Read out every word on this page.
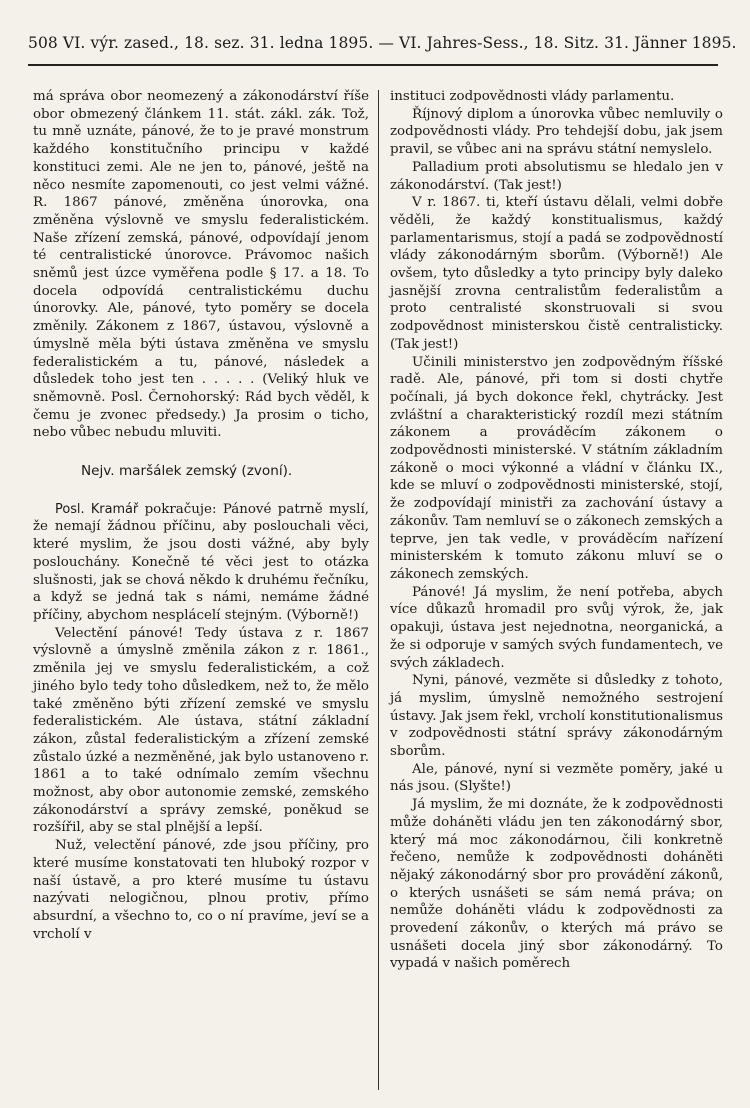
508 VI. výr. zased., 18. sez. 31. ledna 1895. — VI. Jahres-Sess., 18. Sitz. 31. Jänner 1895.

má správa obor neomezený a zákonodárství říše obor obmezený článkem 11. stát. zákl. zák. Tož, tu mně uznáte, pánové, že to je pravé monstrum každého konstitučního principu v každé konstituci zemi. Ale ne jen to, pánové, ještě na něco nesmíte zapomenouti, co jest velmi vážné. R. 1867 pánové, změněna únorovka, ona změněna výslovně ve smyslu federalistickém. Naše zřízení zemská, pánové, odpovídají jenom té centralistické únorovce. Právomoc našich sněmů jest úzce vyměřena podle § 17. a 18. To docela odpovídá centralistickému duchu únorovky. Ale, pánové, tyto poměry se docela změnily. Zákonem z 1867, ústavou, výslovně a úmyslně měla býti ústava změněna ve smyslu federalistickém a tu, pánové, následek a důsledek toho jest ten . . . . . (Veliký hluk ve sněmovně. Posl. Černohorský: Rád bych věděl, k čemu je zvonec předsedy.) Ja prosim o ticho, nebo vůbec nebudu mluviti.

Nejv. maršálek zemský (zvoní).

Posl. Kramář pokračuje: Pánové patrně myslí, že nemají žádnou příčinu, aby poslouchali věci, které myslim, že jsou dosti vážné, aby byly poslouchány. Konečně té věci jest to otázka slušnosti, jak se chová někdo k druhému řečníku, a když se jedná tak s námi, nemáme žádné příčiny, abychom nesplácelí stejným. (Výborně!)

Velectění pánové! Tedy ústava z r. 1867 výslovně a úmyslně změnila zákon z r. 1861., změnila jej ve smyslu federalistickém, a což jiného bylo tedy toho důsledkem, než to, že mělo také změněno býti zřízení zemské ve smyslu federalistickém. Ale ústava, státní základní zákon, zůstal federalistickým a zřízení zemské zůstalo úzké a nezměněné, jak bylo ustanoveno r. 1861 a to také odnímalo zemím všechnu možnost, aby obor autonomie zemské, zemského zákonodárství a správy zemské, poněkud se rozšířil, aby se stal plnější a lepší.

Nuž, velectění pánové, zde jsou příčiny, pro které musíme konstatovati ten hluboký rozpor v naší ústavě, a pro které musíme tu ústavu nazývati nelogičnou, plnou protiv, přímo absurdní, a všechno to, co o ní pravíme, jeví se a vrcholí v

instituci zodpovědnosti vlády parlamentu.

Říjnový diplom a únorovka vůbec nemluvily o zodpovědnosti vlády. Pro tehdejší dobu, jak jsem pravil, se vůbec ani na správu státní nemyslelo.

Palladium proti absolutismu se hledalo jen v zákonodárství. (Tak jest!)

V r. 1867. ti, kteří ústavu dělali, velmi dobře věděli, že každý konstitualismus, každý parlamentarismus, stojí a padá se zodpovědností vlády zákonodárným sborům. (Výborně!) Ale ovšem, tyto důsledky a tyto principy byly daleko jasnější zrovna centralistům federalistům a proto centralisté skonstruovali si svou zodpovědnost ministerskou čistě centralisticky. (Tak jest!)

Učinili ministerstvo jen zodpovědným říšské radě. Ale, pánové, při tom si dosti chytře počínali, já bych dokonce řekl, chytrácky. Jest zvláštní a charakteristický rozdíl mezi státním zákonem a prováděcím zákonem o zodpovědnosti ministerské. V státním základním zákoně o moci výkonné a vládní v článku IX., kde se mluví o zodpovědnosti ministerské, stojí, že zodpovídají ministři za zachování ústavy a zákonův. Tam nemluví se o zákonech zemských a teprve, jen tak vedle, v prováděcím nařízení ministerském k tomuto zákonu mluví se o zákonech zemských.

Pánové! Já myslim, že není potřeba, abych více důkazů hromadil pro svůj výrok, že, jak opakuji, ústava jest nejednotna, neorganická, a že si odporuje v samých svých fundamentech, ve svých základech.

Nyni, pánové, vezměte si důsledky z tohoto, já myslim, úmyslně nemožného sestrojení ústavy. Jak jsem řekl, vrcholí konstitutionalismus v zodpovědnosti státní správy zákonodárným sborům.

Ale, pánové, nyní si vezměte poměry, jaké u nás jsou. (Slyšte!)

Já myslim, že mi doznáte, že k zodpovědnosti může doháněti vládu jen ten zákonodárný sbor, který má moc zákonodárnou, čili konkretně řečeno, nemůže k zodpovědnosti doháněti nějaký zákonodárný sbor pro provádění zákonů, o kterých usnášeti se sám nemá práva; on nemůže doháněti vládu k zodpovědnosti za provedení zákonův, o kterých má právo se usnášeti docela jiný sbor zákonodárný. To vypadá v našich poměrech
